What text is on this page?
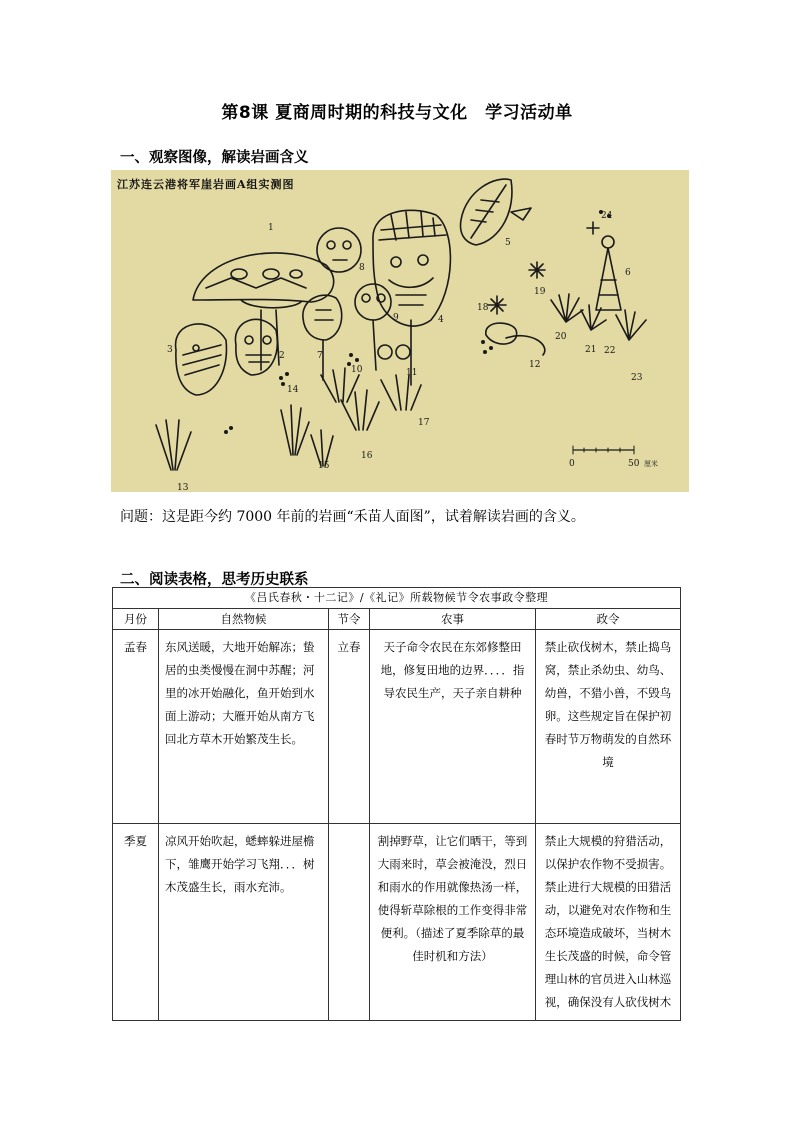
第8课 夏商周时期的科技与文化　学习活动单
一、观察图像，解读岩画含义
江苏连云港将军崖岩画A组实测图
1
2
3
4
5
6
7
8
9
10	11
12
13
14
15
16
17
18
19
20
21 22
23
24
0	50 厘米
问题：这是距今约 7000 年前的岩画“禾苗人面图”，试着解读岩画的含义。
二、阅读表格，思考历史联系
《吕氏春秋・十二记》/《礼记》所载物候节令农事政令整理				
月份	自然物候	节令	农事	政令

孟春	东风送暖，大地开始解冻；蛰居的虫类慢慢在洞中苏醒；河里的冰开始融化，鱼开始到水面上游动；大雁开始从南方飞回北方草木开始繁茂生长。	立春	天子命令农民在东郊修整田地，修复田地的边界．．．．指导农民生产，天子亲自耕种	禁止砍伐树木，禁止捣鸟窝，禁止杀幼虫、幼鸟、幼兽，不猎小兽，不毁鸟卵。这些规定旨在保护初春时节万物萌发的自然环境

季夏	凉风开始吹起，蟋蟀躲进屋檐下，雏鹰开始学习飞翔．．．树木茂盛生长，雨水充沛。		割掉野草，让它们晒干，等到大雨来时，草会被淹没，烈日和雨水的作用就像热汤一样，使得斩草除根的工作变得非常便利。（描述了夏季除草的最佳时机和方法）	禁止大规模的狩猎活动，以保护农作物不受损害。禁止进行大规模的田猎活动，以避免对农作物和生态环境造成破坏，当树木生长茂盛的时候，命令管理山林的官员进入山林巡视，确保没有人砍伐树木
